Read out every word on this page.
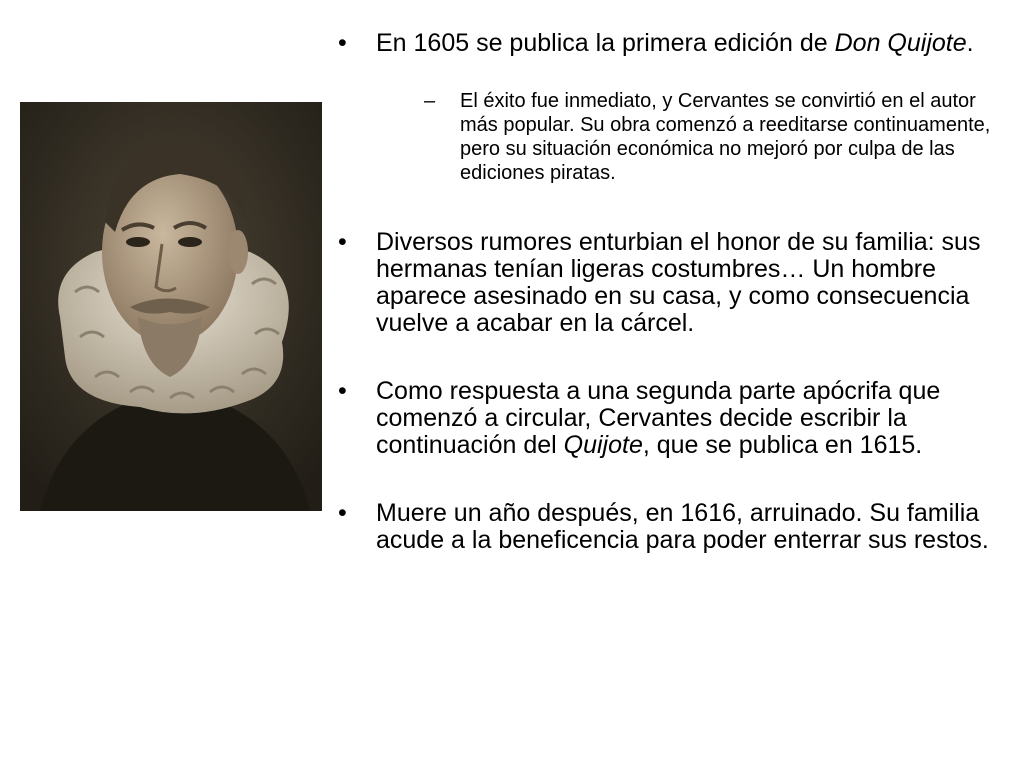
•	En 1605 se publica la primera edición de Don Quijote.
–	El éxito fue inmediato, y Cervantes se convirtió en el autor más popular. Su obra comenzó a reeditarse continuamente, pero su situación económica no mejoró por culpa de las ediciones piratas.
•	Diversos rumores enturbian el honor de su familia: sus hermanas tenían ligeras costumbres… Un hombre aparece asesinado en su casa, y como consecuencia vuelve a acabar en la cárcel.
•	Como respuesta a una segunda parte apócrifa que comenzó a circular, Cervantes decide escribir la continuación del Quijote, que se publica en 1615.
•	Muere un año después, en 1616, arruinado. Su familia acude a la beneficencia para poder enterrar sus restos.
